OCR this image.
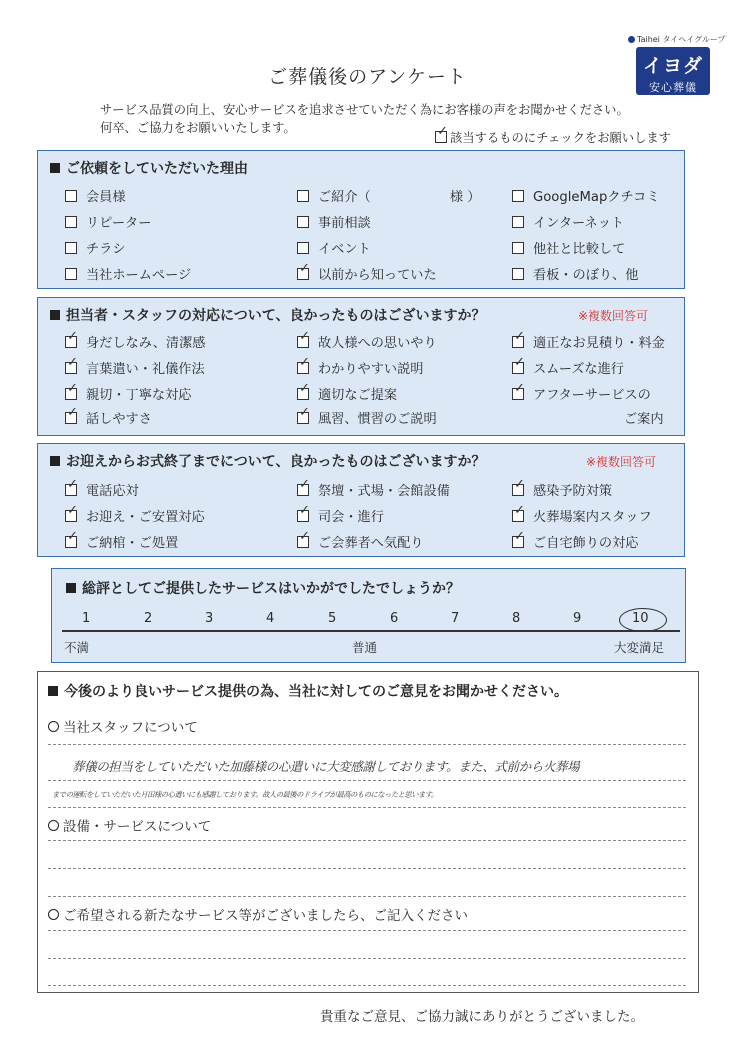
Taihei タイヘイグループ
イヨダ
安心葬儀
ご葬儀後のアンケート
サービス品質の向上、安心サービスを追求させていただく為にお客様の声をお聞かせください。
何卒、ご協力をお願いいたします。	✓ 該当するものにチェックをお願いします
ご依頼をしていただいた理由
会員様	ご紹介（　　　　　　様 ）	GoogleMapクチコミ
リピーター	事前相談	インターネット
チラシ	イベント	他社と比較して
当社ホームページ	✓ 以前から知っていた	看板・のぼり、他
担当者・スタッフの対応について、良かったものはございますか？	※複数回答可
✓ 身だしなみ、清潔感	✓ 故人様への思いやり	✓ 適正なお見積り・料金
✓ 言葉遣い・礼儀作法	✓ わかりやすい説明	✓ スムーズな進行
✓ 親切・丁寧な対応	✓ 適切なご提案	✓ アフターサービスの
✓ 話しやすさ	✓ 風習、慣習のご説明	ご案内
お迎えからお式終了までについて、良かったものはございますか？	※複数回答可
✓ 電話応対	✓ 祭壇・式場・会館設備	✓ 感染予防対策
✓ お迎え・ご安置対応	✓ 司会・進行	✓ 火葬場案内スタッフ
✓ ご納棺・ご処置	✓ ご会葬者へ気配り	✓ ご自宅飾りの対応
総評としてご提供したサービスはいかがでしたでしょうか？
1	2	3	4	5	6	7	8	9	10
不満	普通	大変満足
今後のより良いサービス提供の為、当社に対してのご意見をお聞かせください。
当社スタッフについて
葬儀の担当をしていただいた加藤様の心遣いに大変感謝しております。また、式前から火葬場
までの運転をしていただいた月田様の心遣いにも感謝しております。故人の最後のドライブが最高のものになったと思います。
設備・サービスについて
ご希望される新たなサービス等がございましたら、ご記入ください
貴重なご意見、ご協力誠にありがとうございました。
